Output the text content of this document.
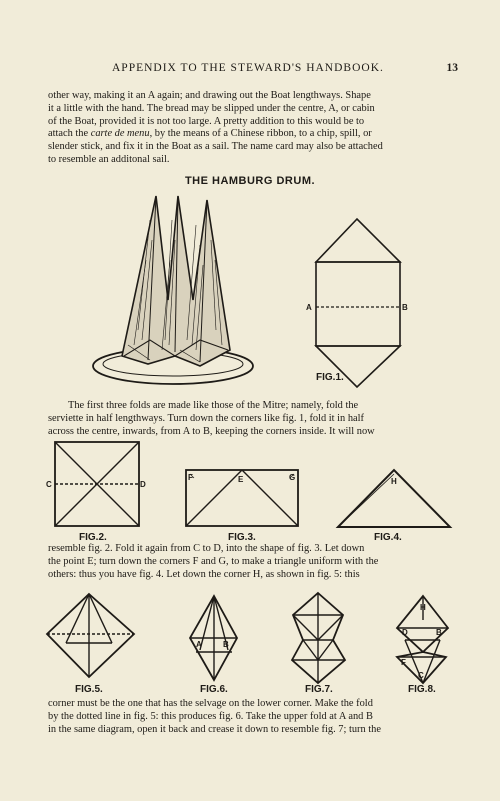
APPENDIX TO THE STEWARD'S HANDBOOK.	13
other way, making it an A again; and drawing out the Boat lengthways. Shape
it a little with the hand. The bread may be slipped under the centre, A, or cabin
of the Boat, provided it is not too large. A pretty addition to this would be to
attach the carte de menu, by the means of a Chinese ribbon, to a chip, spill, or
slender stick, and fix it in the Boat as a sail. The name card may also be attached
to resemble an additonal sail.
THE HAMBURG DRUM.
The first three folds are made like those of the Mitre; namely, fold the
serviette in half lengthways. Turn down the corners like fig. 1, fold it in half
across the centre, inwards, from A to B, keeping the corners inside. It will now
resemble fig. 2. Fold it again from C to D, into the shape of fig. 3. Let down
the point E; turn down the corners F and G, to make a triangle uniform with the
others: thus you have fig. 4. Let down the corner H, as shown in fig. 5: this
corner must be the one that has the selvage on the lower corner. Make the fold
by the dotted line in fig. 5: this produces fig. 6. Take the upper fold at A and B
in the same diagram, open it back and crease it down to resemble fig. 7; turn the
A	B
FIG.1.
C	D
FIG.2.
E
F	G
FIG.3.
H
FIG.4.
FIG.5.
A	B
FIG.6.	FIG.7.
H
D	B
F
C
FIG.8.
